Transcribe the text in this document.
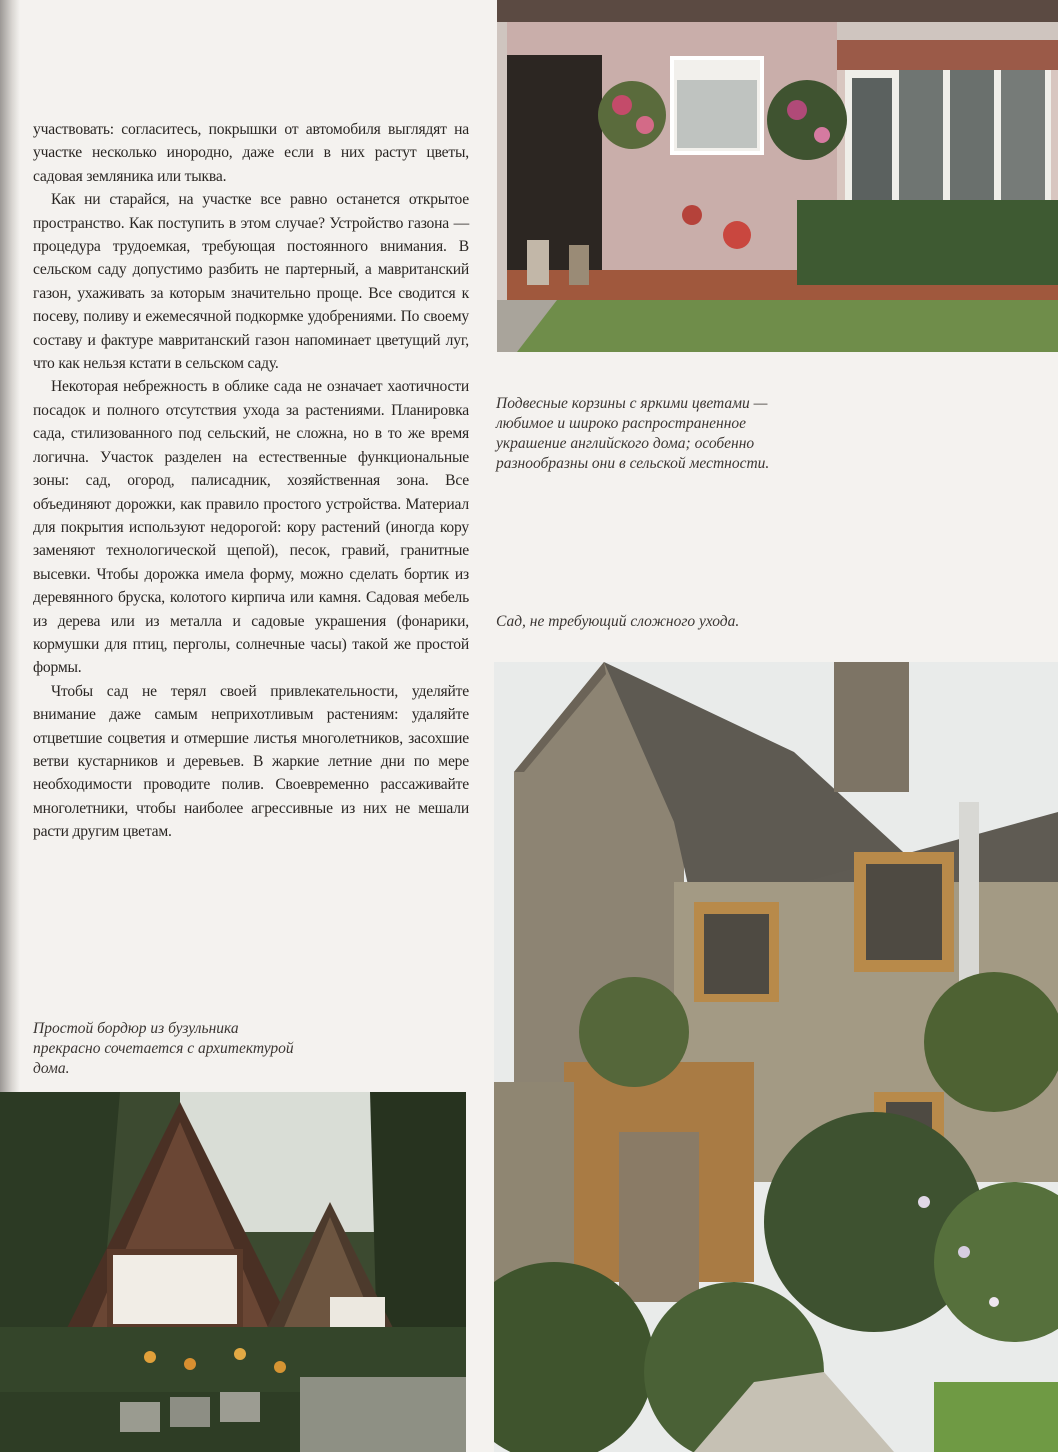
участвовать: согласитесь, покрышки от автомобиля выглядят на участке несколько инородно, даже если в них растут цветы, садовая земляника или тыква.

Как ни старайся, на участке все равно останется открытое пространство. Как поступить в этом случае? Устройство газона — процедура трудоемкая, требующая постоянного внимания. В сельском саду допустимо разбить не партерный, а мавританский газон, ухаживать за которым значительно проще. Все сводится к посеву, поливу и ежемесячной подкормке удобрениями. По своему составу и фактуре мавританский газон напоминает цветущий луг, что как нельзя кстати в сельском саду.

Некоторая небрежность в облике сада не означает хаотичности посадок и полного отсутствия ухода за растениями. Планировка сада, стилизованного под сельский, не сложна, но в то же время логична. Участок разделен на естественные функциональные зоны: сад, огород, палисадник, хозяйственная зона. Все объединяют дорожки, как правило простого устройства. Материал для покрытия используют недорогой: кору растений (иногда кору заменяют технологической щепой), песок, гравий, гранитные высевки. Чтобы дорожка имела форму, можно сделать бортик из деревянного бруска, колотого кирпича или камня. Садовая мебель из дерева или из металла и садовые украшения (фонарики, кормушки для птиц, перголы, солнечные часы) такой же простой формы.

Чтобы сад не терял своей привлекательности, уделяйте внимание даже самым неприхотливым растениям: удаляйте отцветшие соцветия и отмершие листья многолетников, засохшие ветви кустарников и деревьев. В жаркие летние дни по мере необходимости проводите полив. Своевременно рассаживайте многолетники, чтобы наиболее агрессивные из них не мешали расти другим цветам.

Подвесные корзины с яркими цветами — любимое и широко распространенное украшение английского дома; особенно разнообразны они в сельской местности.

Сад, не требующий сложного ухода.

Простой бордюр из бузульника прекрасно сочетается с архитектурой дома.
